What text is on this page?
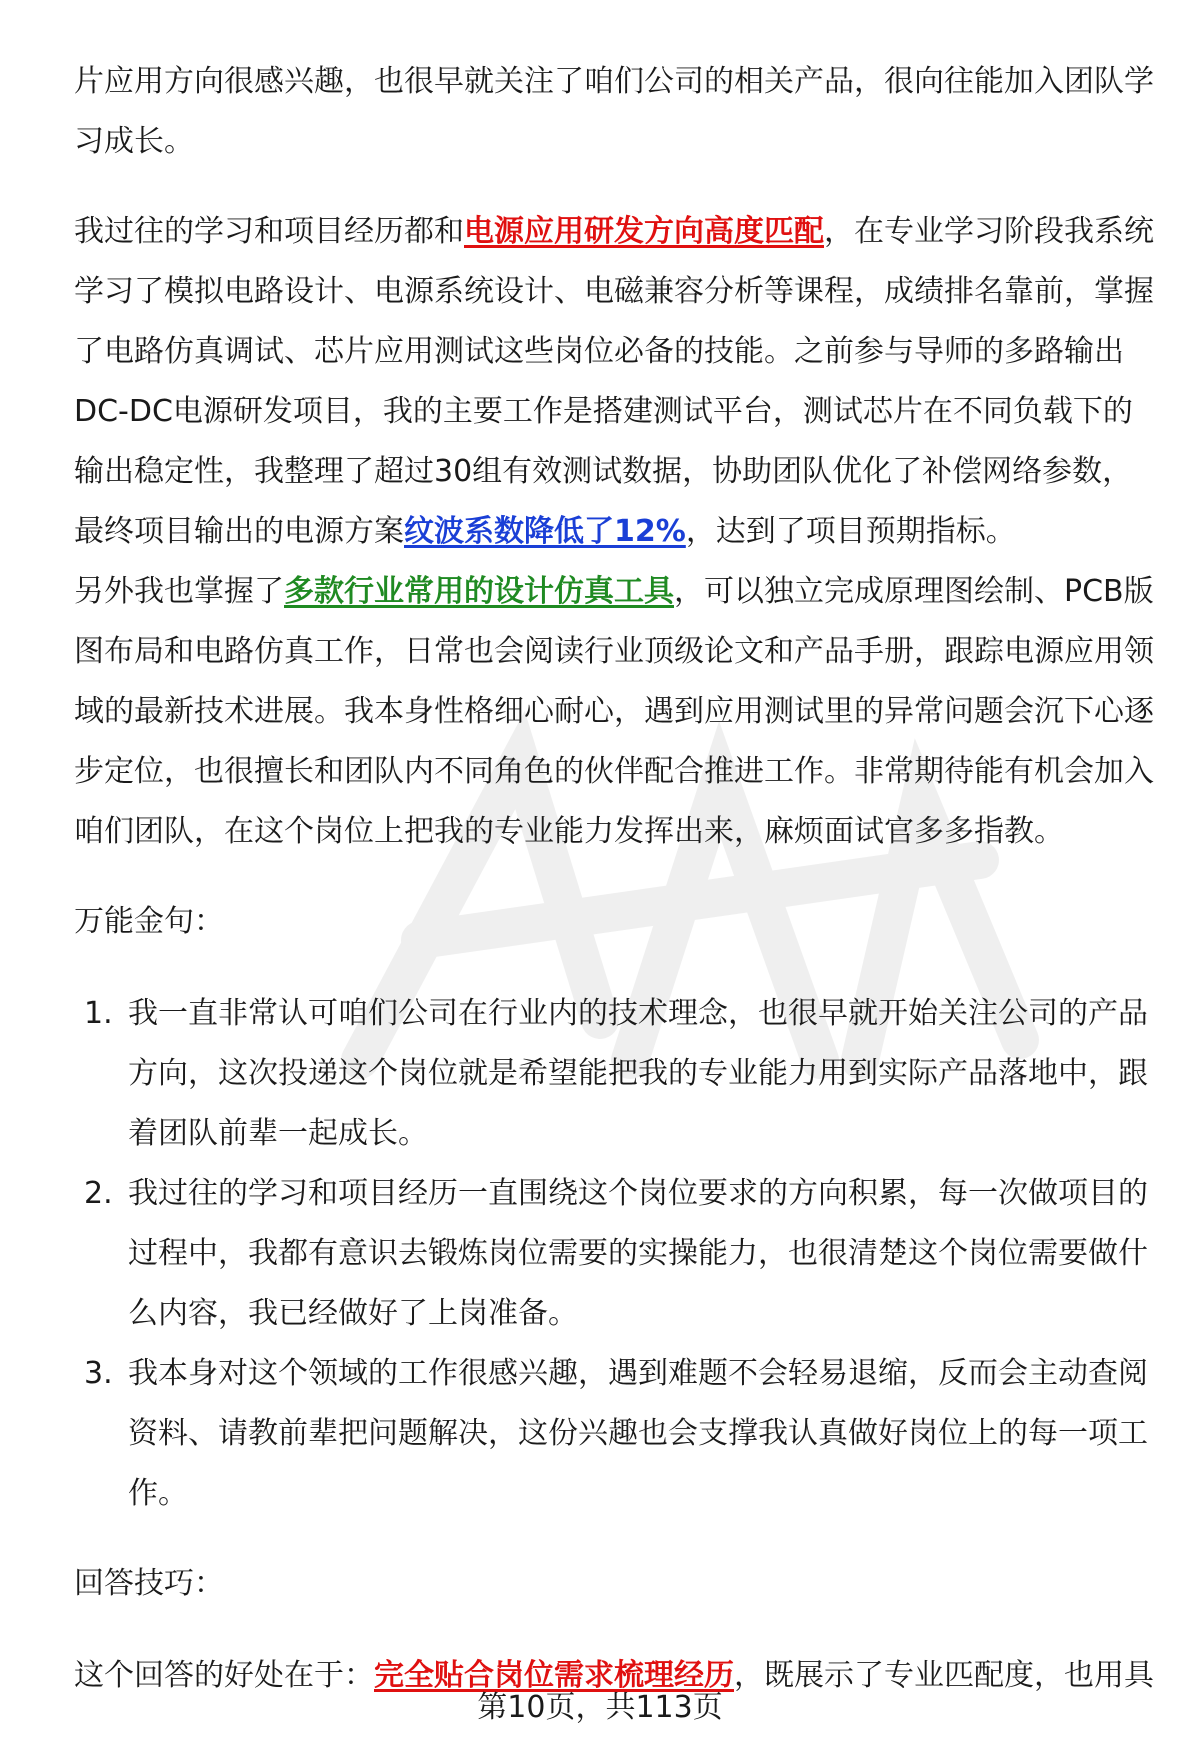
片应用方向很感兴趣，也很早就关注了咱们公司的相关产品，很向往能加入团队学习成长。

我过往的学习和项目经历都和电源应用研发方向高度匹配，在专业学习阶段我系统学习了模拟电路设计、电源系统设计、电磁兼容分析等课程，成绩排名靠前，掌握了电路仿真调试、芯片应用测试这些岗位必备的技能。之前参与导师的多路输出DC-DC电源研发项目，我的主要工作是搭建测试平台，测试芯片在不同负载下的输出稳定性，我整理了超过30组有效测试数据，协助团队优化了补偿网络参数，最终项目输出的电源方案纹波系数降低了12%，达到了项目预期指标。

另外我也掌握了多款行业常用的设计仿真工具，可以独立完成原理图绘制、PCB版图布局和电路仿真工作，日常也会阅读行业顶级论文和产品手册，跟踪电源应用领域的最新技术进展。我本身性格细心耐心，遇到应用测试里的异常问题会沉下心逐步定位，也很擅长和团队内不同角色的伙伴配合推进工作。非常期待能有机会加入咱们团队，在这个岗位上把我的专业能力发挥出来，麻烦面试官多多指教。

万能金句：

1. 我一直非常认可咱们公司在行业内的技术理念，也很早就开始关注公司的产品方向，这次投递这个岗位就是希望能把我的专业能力用到实际产品落地中，跟着团队前辈一起成长。
2. 我过往的学习和项目经历一直围绕这个岗位要求的方向积累，每一次做项目的过程中，我都有意识去锻炼岗位需要的实操能力，也很清楚这个岗位需要做什么内容，我已经做好了上岗准备。
3. 我本身对这个领域的工作很感兴趣，遇到难题不会轻易退缩，反而会主动查阅资料、请教前辈把问题解决，这份兴趣也会支撑我认真做好岗位上的每一项工作。

回答技巧：

这个回答的好处在于：完全贴合岗位需求梳理经历，既展示了专业匹配度，也用具

第10页，共113页
